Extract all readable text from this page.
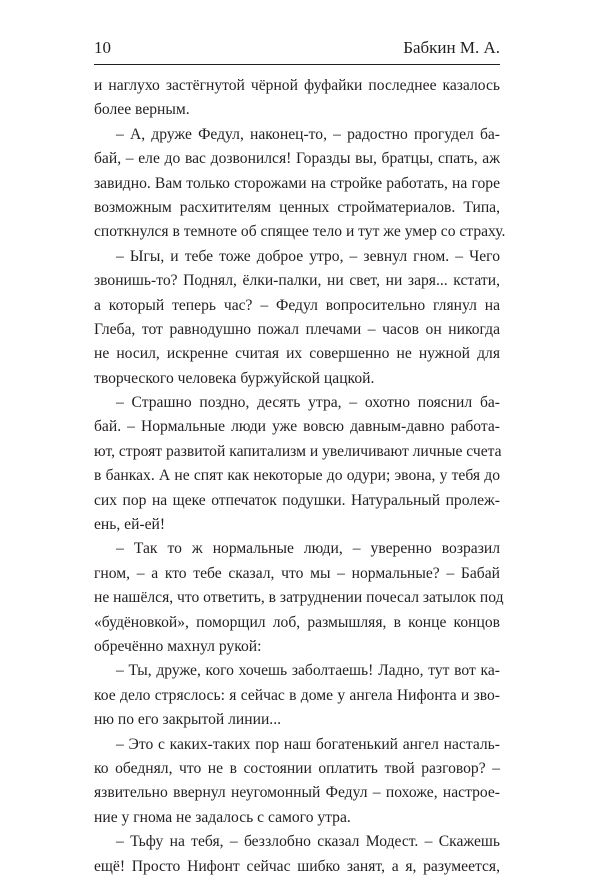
10	Бабкин М. А.
и наглухо застёгнутой чёрной фуфайки последнее казалось
более верным.
– А, друже Федул, наконец-то, – радостно прогудел ба-
бай, – еле до вас дозвонился! Горазды вы, братцы, спать, аж
завидно. Вам только сторожами на стройке работать, на горе
возможным расхитителям ценных стройматериалов. Типа,
споткнулся в темноте об спящее тело и тут же умер со страху.
– Ыгы, и тебе тоже доброе утро, – зевнул гном. – Чего
звонишь-то? Поднял, ёлки-палки, ни свет, ни заря... кстати,
а который теперь час? – Федул вопросительно глянул на
Глеба, тот равнодушно пожал плечами – часов он никогда
не носил, искренне считая их совершенно не нужной для
творческого человека буржуйской цацкой.
– Страшно поздно, десять утра, – охотно пояснил ба-
бай. – Нормальные люди уже вовсю давным-давно работа-
ют, строят развитой капитализм и увеличивают личные счета
в банках. А не спят как некоторые до одури; эвона, у тебя до
сих пор на щеке отпечаток подушки. Натуральный пролеж-
ень, ей-ей!
– Так то ж нормальные люди, – уверенно возразил
гном, – а кто тебе сказал, что мы – нормальные? – Бабай
не нашёлся, что ответить, в затруднении почесал затылок под
«будёновкой», поморщил лоб, размышляя, в конце концов
обречённо махнул рукой:
– Ты, друже, кого хочешь заболтаешь! Ладно, тут вот ка-
кое дело стряслось: я сейчас в доме у ангела Нифонта и зво-
ню по его закрытой линии...
– Это с каких-таких пор наш богатенький ангел насталь-
ко обеднял, что не в состоянии оплатить твой разговор? –
язвительно ввернул неугомонный Федул – похоже, настрое-
ние у гнома не задалось с самого утра.
– Тьфу на тебя, – беззлобно сказал Модест. – Скажешь
ещё! Просто Нифонт сейчас шибко занят, а я, разумеется,
